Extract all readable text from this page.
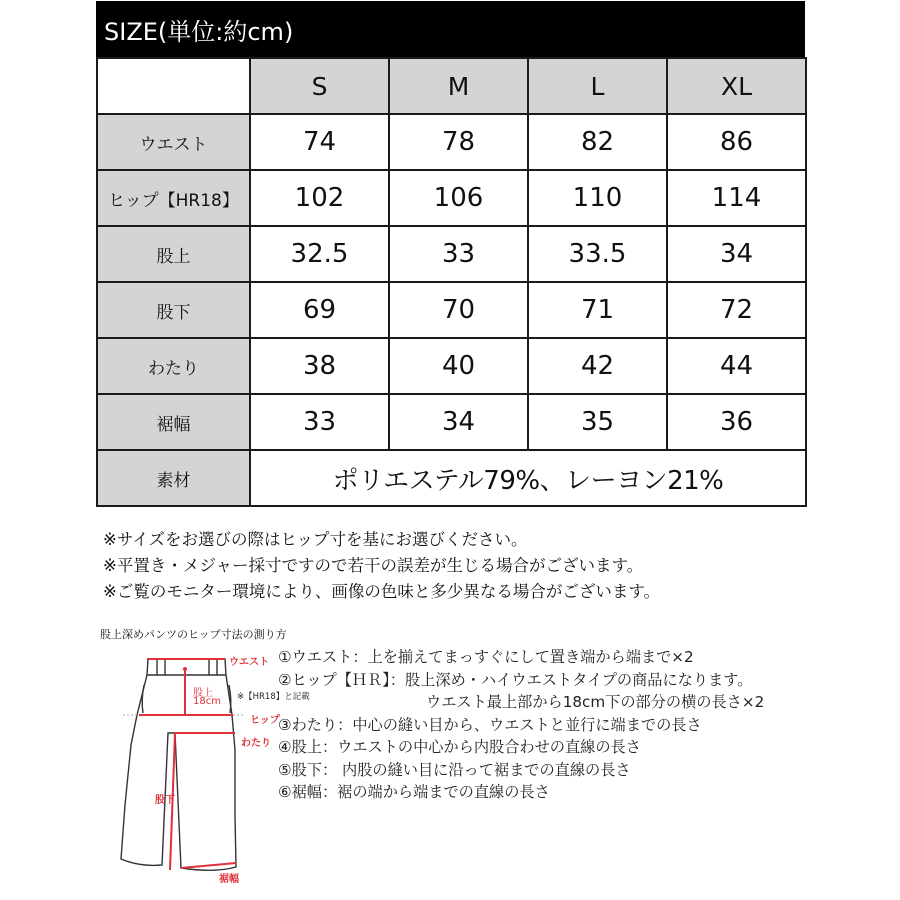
SIZE(単位:約cm)
	S	M	L	XL
ウエスト	74	78	82	86
ヒップ【HR18】	102	106	110	114
股上	32.5	33	33.5	34
股下	69	70	71	72
わたり	38	40	42	44
裾幅	33	34	35	36
素材	ポリエステル79%、レーヨン21%			
※サイズをお選びの際はヒップ寸を基にお選びください。
※平置き・メジャー採寸ですので若干の誤差が生じる場合がございます。
※ご覧のモニター環境により、画像の色味と多少異なる場合がございます。
股上深めパンツのヒップ寸法の測り方
ウエスト
股上
18cm ※【HR18】と記載
ヒップ
わたり
股下
裾幅
①ウエスト：上を揃えてまっすぐにして置き端から端まで×2
②ヒップ【ＨＲ】：股上深め・ハイウエストタイプの商品になります。
ウエスト最上部から18cm下の部分の横の長さ×2
③わたり：中心の縫い目から、ウエストと並行に端までの長さ
④股上：ウエストの中心から内股合わせの直線の長さ
⑤股下： 内股の縫い目に沿って裾までの直線の長さ
⑥裾幅：裾の端から端までの直線の長さ
